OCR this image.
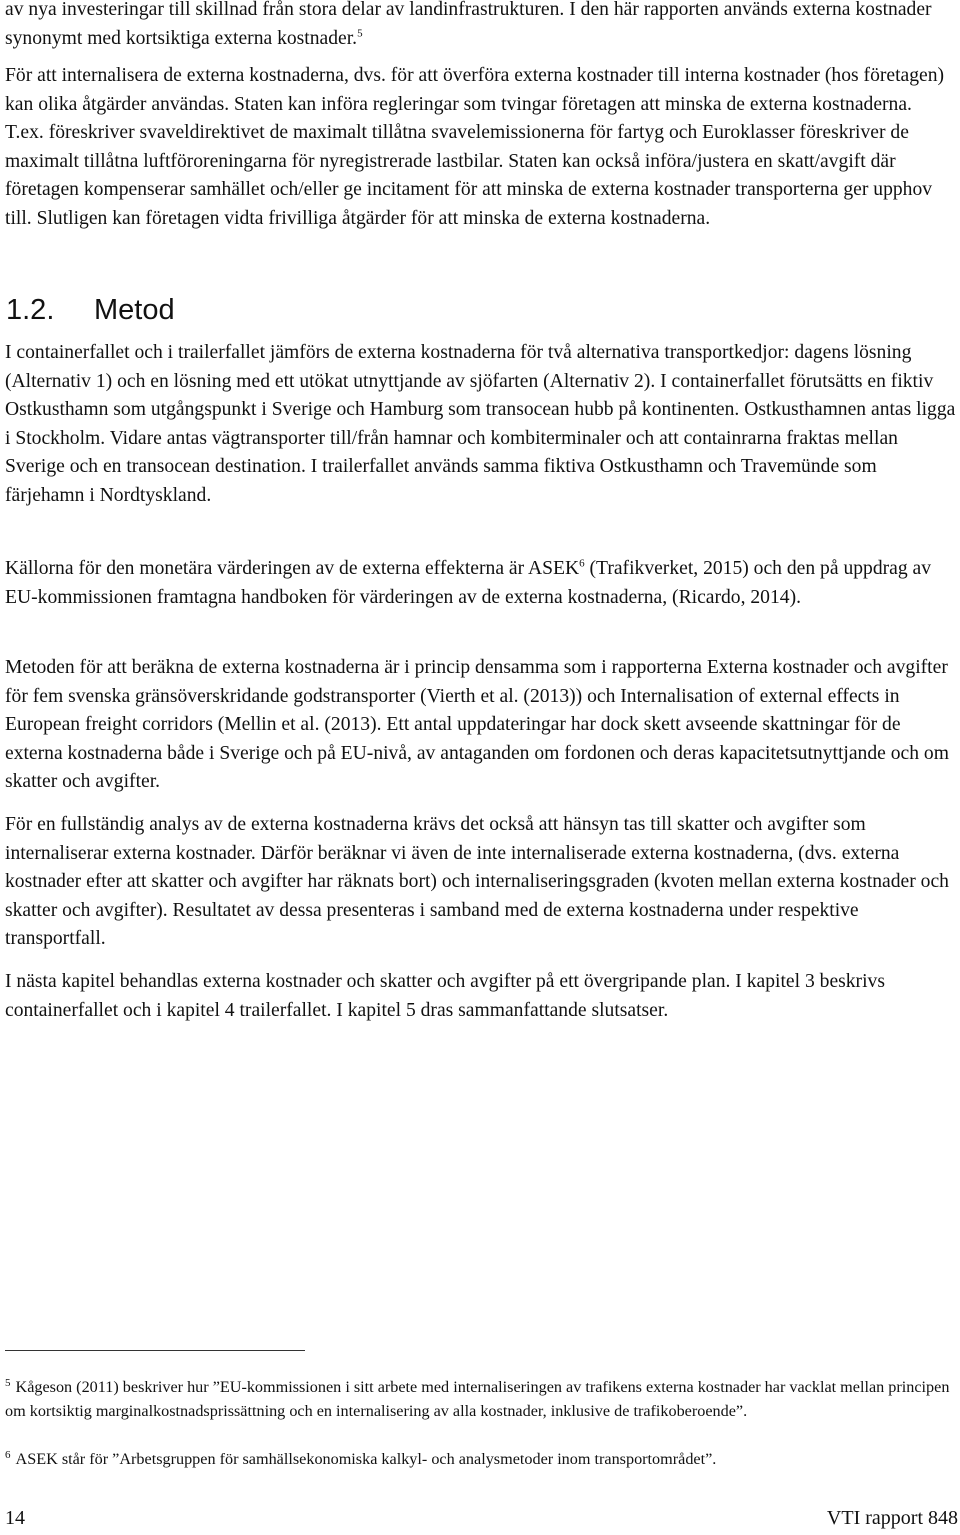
av nya investeringar till skillnad från stora delar av landinfrastrukturen. I den här rapporten används externa kostnader synonymt med kortsiktiga externa kostnader.$^5$

För att internalisera de externa kostnaderna, dvs. för att överföra externa kostnader till interna kostnader (hos företagen) kan olika åtgärder användas. Staten kan införa regleringar som tvingar företagen att minska de externa kostnaderna. T.ex. föreskriver svaveldirektivet de maximalt tillåtna svavelemissionerna för fartyg och Euroklasser föreskriver de maximalt tillåtna luftföroreningarna för nyregistrerade lastbilar. Staten kan också införa/justera en skatt/avgift där företagen kompenserar samhället och/eller ge incitament för att minska de externa kostnader transporterna ger upphov till. Slutligen kan företagen vidta frivilliga åtgärder för att minska de externa kostnaderna.

1.2. Metod

I containerfallet och i trailerfallet jämförs de externa kostnaderna för två alternativa transportkedjor: dagens lösning (Alternativ 1) och en lösning med ett utökat utnyttjande av sjöfarten (Alternativ 2). I containerfallet förutsätts en fiktiv Ostkusthamn som utgångspunkt i Sverige och Hamburg som transocean hubb på kontinenten. Ostkusthamnen antas ligga i Stockholm. Vidare antas vägtransporter till/från hamnar och kombiterminaler och att containrarna fraktas mellan Sverige och en transocean destination. I trailerfallet används samma fiktiva Ostkusthamn och Travemünde som färjehamn i Nordtyskland.

Källorna för den monetära värderingen av de externa effekterna är ASEK$^6$ (Trafikverket, 2015) och den på uppdrag av EU-kommissionen framtagna handboken för värderingen av de externa kostnaderna, (Ricardo, 2014).

Metoden för att beräkna de externa kostnaderna är i princip densamma som i rapporterna Externa kostnader och avgifter för fem svenska gränsöverskridande godstransporter (Vierth et al. (2013)) och Internalisation of external effects in European freight corridors (Mellin et al. (2013). Ett antal uppdateringar har dock skett avseende skattningar för de externa kostnaderna både i Sverige och på EU-nivå, av antaganden om fordonen och deras kapacitetsutnyttjande och om skatter och avgifter.

För en fullständig analys av de externa kostnaderna krävs det också att hänsyn tas till skatter och avgifter som internaliserar externa kostnader. Därför beräknar vi även de inte internaliserade externa kostnaderna, (dvs. externa kostnader efter att skatter och avgifter har räknats bort) och internaliseringsgraden (kvoten mellan externa kostnader och skatter och avgifter). Resultatet av dessa presenteras i samband med de externa kostnaderna under respektive transportfall.

I nästa kapitel behandlas externa kostnader och skatter och avgifter på ett övergripande plan. I kapitel 3 beskrivs containerfallet och i kapitel 4 trailerfallet. I kapitel 5 dras sammanfattande slutsatser.

$^5$ Kågeson (2011) beskriver hur ”EU-kommissionen i sitt arbete med internaliseringen av trafikens externa kostnader har vacklat mellan principen om kortsiktig marginalkostnadsprissättning och en internalisering av alla kostnader, inklusive de trafikoberoende”.
$^6$ ASEK står för ”Arbetsgruppen för samhällsekonomiska kalkyl- och analysmetoder inom transportområdet”.
14	VTI rapport 848
